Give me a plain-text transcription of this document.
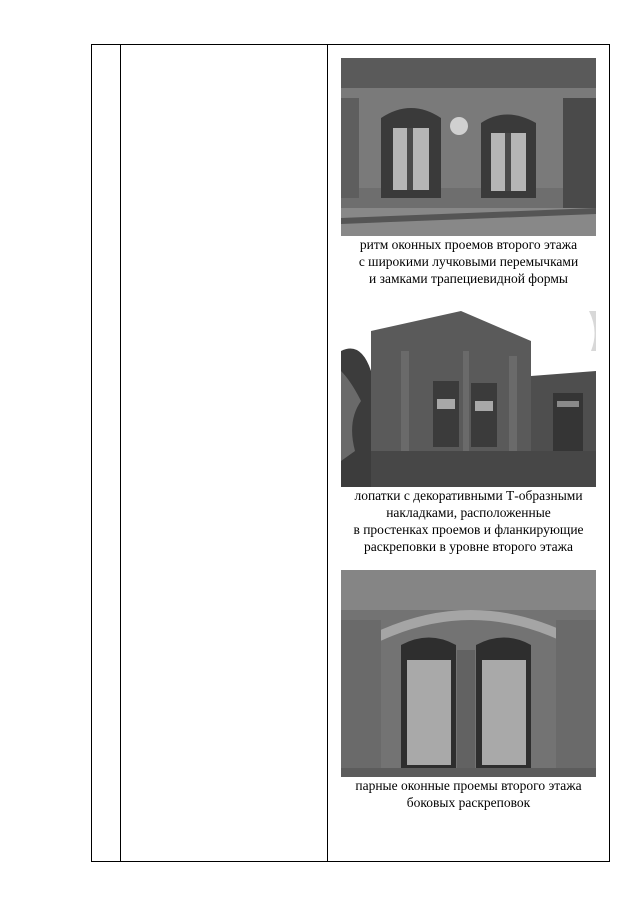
ритм оконных проемов второго этажа
с широкими лучковыми перемычками
и замками трапециевидной формы
лопатки с декоративными Т-образными
накладками, расположенные
в простенках проемов и фланкирующие
раскреповки в уровне второго этажа
парные оконные проемы второго этажа
боковых раскреповок
